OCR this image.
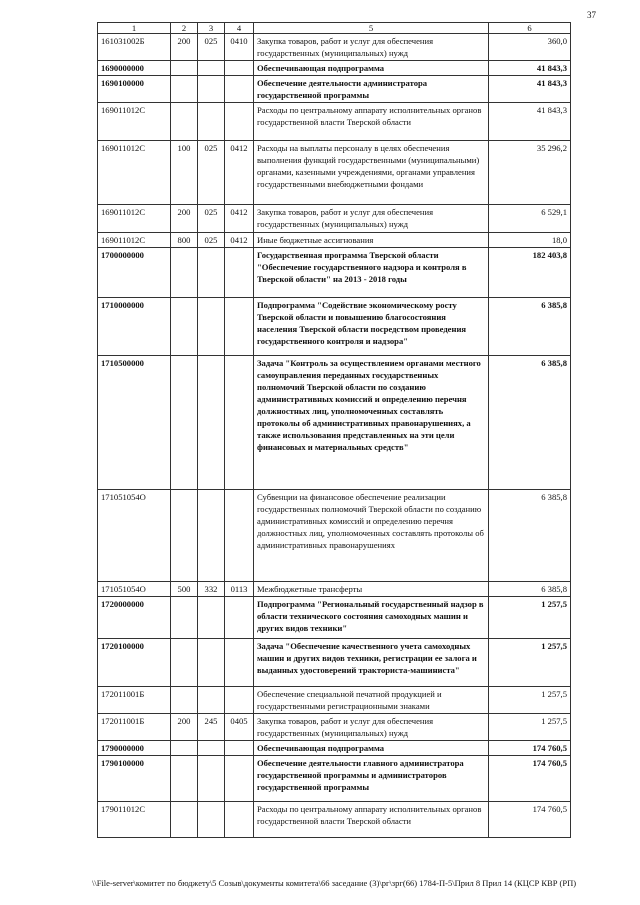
37
1	2	3	4	5	6
161031002Б	200	025	0410	Закупка товаров, работ и услуг для обеспечения государственных (муниципальных) нужд	360,0
1690000000				Обеспечивающая подпрограмма	41 843,3
1690100000				Обеспечение деятельности администратора государственной программы	41 843,3
169011012С				Расходы по центральному аппарату исполнительных органов государственной власти Тверской области	41 843,3
169011012С	100	025	0412	Расходы на выплаты персоналу в целях обеспечения выполнения функций государственными (муниципальными) органами, казенными учреждениями, органами управления государственными внебюджетными фондами	35 296,2
169011012С	200	025	0412	Закупка товаров, работ и услуг для обеспечения государственных (муниципальных) нужд	6 529,1
169011012С	800	025	0412	Иные бюджетные ассигнования	18,0
1700000000				Государственная программа Тверской области "Обеспечение государственного надзора и контроля в Тверской области" на 2013 - 2018 годы	182 403,8
1710000000				Подпрограмма "Содействие экономическому росту Тверской области и повышению благосостояния населения Тверской области посредством проведения государственного контроля и надзора"	6 385,8
1710500000				Задача "Контроль за осуществлением органами местного самоуправления переданных государственных полномочий Тверской области по созданию административных комиссий и определению перечня должностных лиц, уполномоченных составлять протоколы об административных правонарушениях, а также использования представленных на эти цели финансовых и материальных средств"	6 385,8
171051054О				Субвенции на финансовое обеспечение реализации государственных полномочий Тверской области по созданию административных комиссий и определению перечня должностных лиц, уполномоченных составлять протоколы об административных правонарушениях	6 385,8
171051054О	500	332	0113	Межбюджетные трансферты	6 385,8
1720000000				Подпрограмма "Региональный государственный надзор в области технического состояния самоходных машин и других видов техники"	1 257,5
1720100000				Задача "Обеспечение качественного учета самоходных машин и других видов техники, регистрации ее залога и выданных удостоверений тракториста-машиниста"	1 257,5
172011001Б				Обеспечение специальной печатной продукцией и государственными регистрационными знаками	1 257,5
172011001Б	200	245	0405	Закупка товаров, работ и услуг для обеспечения государственных (муниципальных) нужд	1 257,5
1790000000				Обеспечивающая подпрограмма	174 760,5
1790100000				Обеспечение деятельности главного администратора государственной программы и администраторов государственной программы	174 760,5
179011012С				Расходы по центральному аппарату исполнительных органов государственной власти Тверской области	174 760,5
\\File-server\комитет по бюджету\5 Созыв\документы комитета\66 заседание (3)\рг\зрг(66) 1784-П-5\Прил 8 Прил 14 (КЦСР КВР (РП)
